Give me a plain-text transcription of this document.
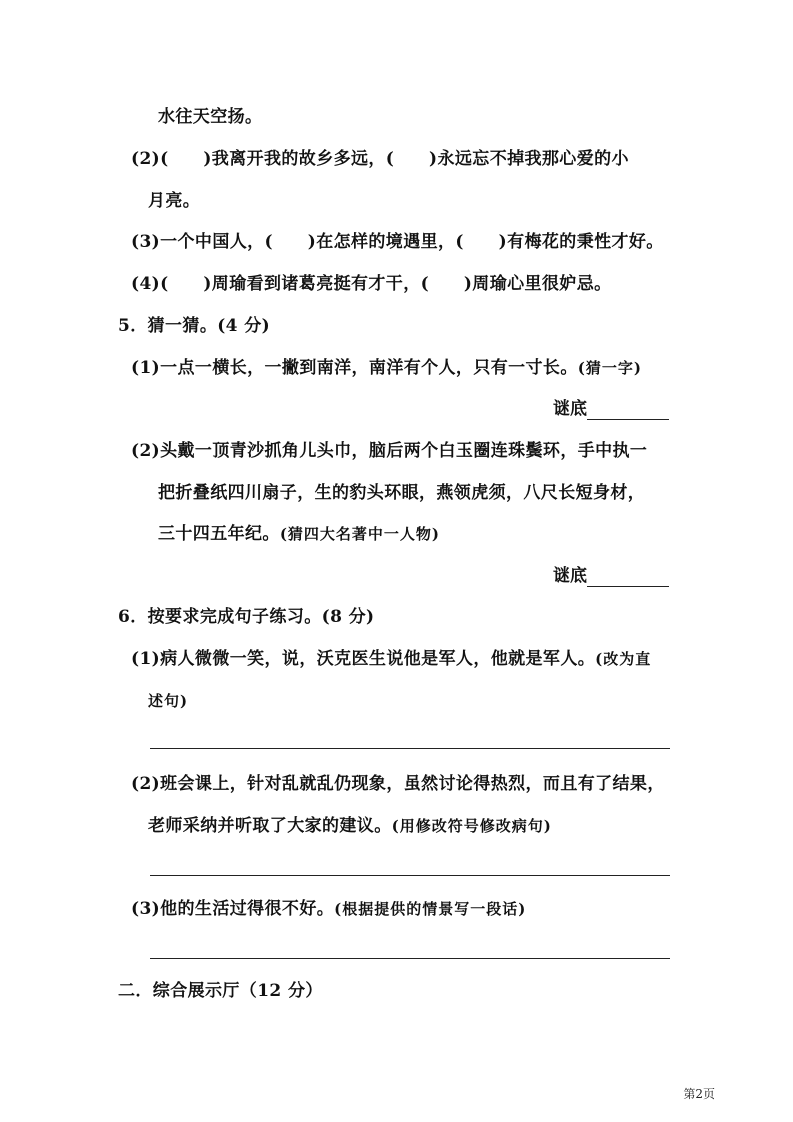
水往天空扬。
(2)(　　)我离开我的故乡多远，(　　)永远忘不掉我那心爱的小
月亮。
(3)一个中国人，(　　)在怎样的境遇里，(　　)有梅花的秉性才好。
(4)(　　)周瑜看到诸葛亮挺有才干，(　　)周瑜心里很妒忌。
5．猜一猜。(4 分)
(1)一点一横长，一撇到南洋，南洋有个人，只有一寸长。(猜一字)
谜底
(2)头戴一顶青沙抓角儿头巾，脑后两个白玉圈连珠鬓环，手中执一
把折叠纸四川扇子，生的豹头环眼，燕领虎须，八尺长短身材，
三十四五年纪。(猜四大名著中一人物)
谜底
6．按要求完成句子练习。(8 分)
(1)病人微微一笑，说，沃克医生说他是军人，他就是军人。(改为直
述句)
(2)班会课上，针对乱就乱仍现象，虽然讨论得热烈，而且有了结果，
老师采纳并听取了大家的建议。(用修改符号修改病句)
(3)他的生活过得很不好。(根据提供的情景写一段话)
二．综合展示厅（12 分）
第2页
